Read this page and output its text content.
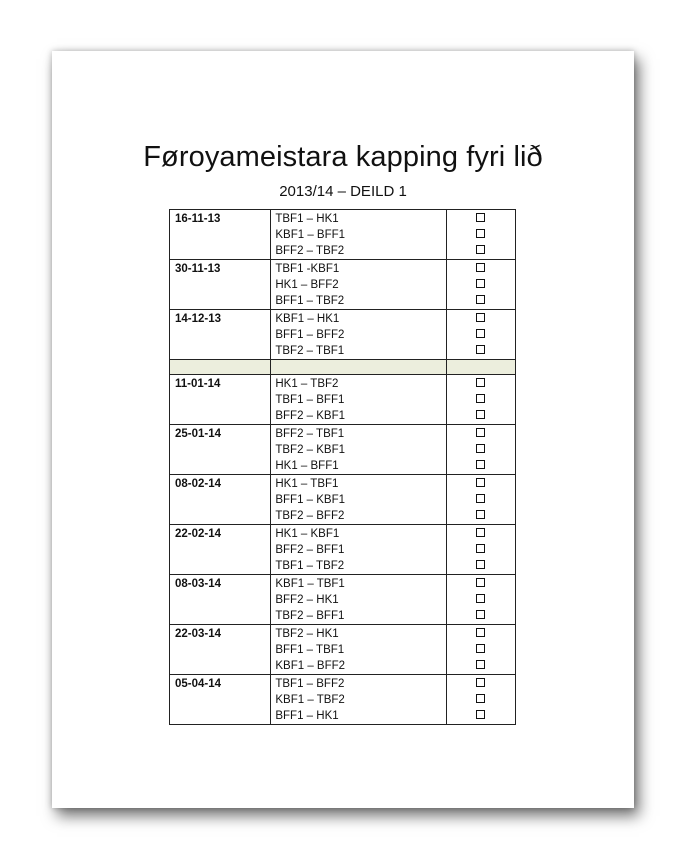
Føroyameistara kapping fyri lið
2013/14 – DEILD 1
16-11-13	TBF1 – HK1
KBF1 – BFF1
BFF2 – TBF2	

30-11-13	TBF1 -KBF1
HK1 – BFF2
BFF1 – TBF2	

14-12-13	KBF1 – HK1
BFF1 – BFF2
TBF2 – TBF1	

11-01-14	HK1 – TBF2
TBF1 – BFF1
BFF2 – KBF1	

25-01-14	BFF2 – TBF1
TBF2 – KBF1
HK1 – BFF1	

08-02-14	HK1 – TBF1
BFF1 – KBF1
TBF2 – BFF2	

22-02-14	HK1 – KBF1
BFF2 – BFF1
TBF1 – TBF2	

08-03-14	KBF1 – TBF1
BFF2 – HK1
TBF2 – BFF1	

22-03-14	TBF2 – HK1
BFF1 – TBF1
KBF1 – BFF2	

05-04-14	TBF1 – BFF2
KBF1 – TBF2
BFF1 – HK1	
